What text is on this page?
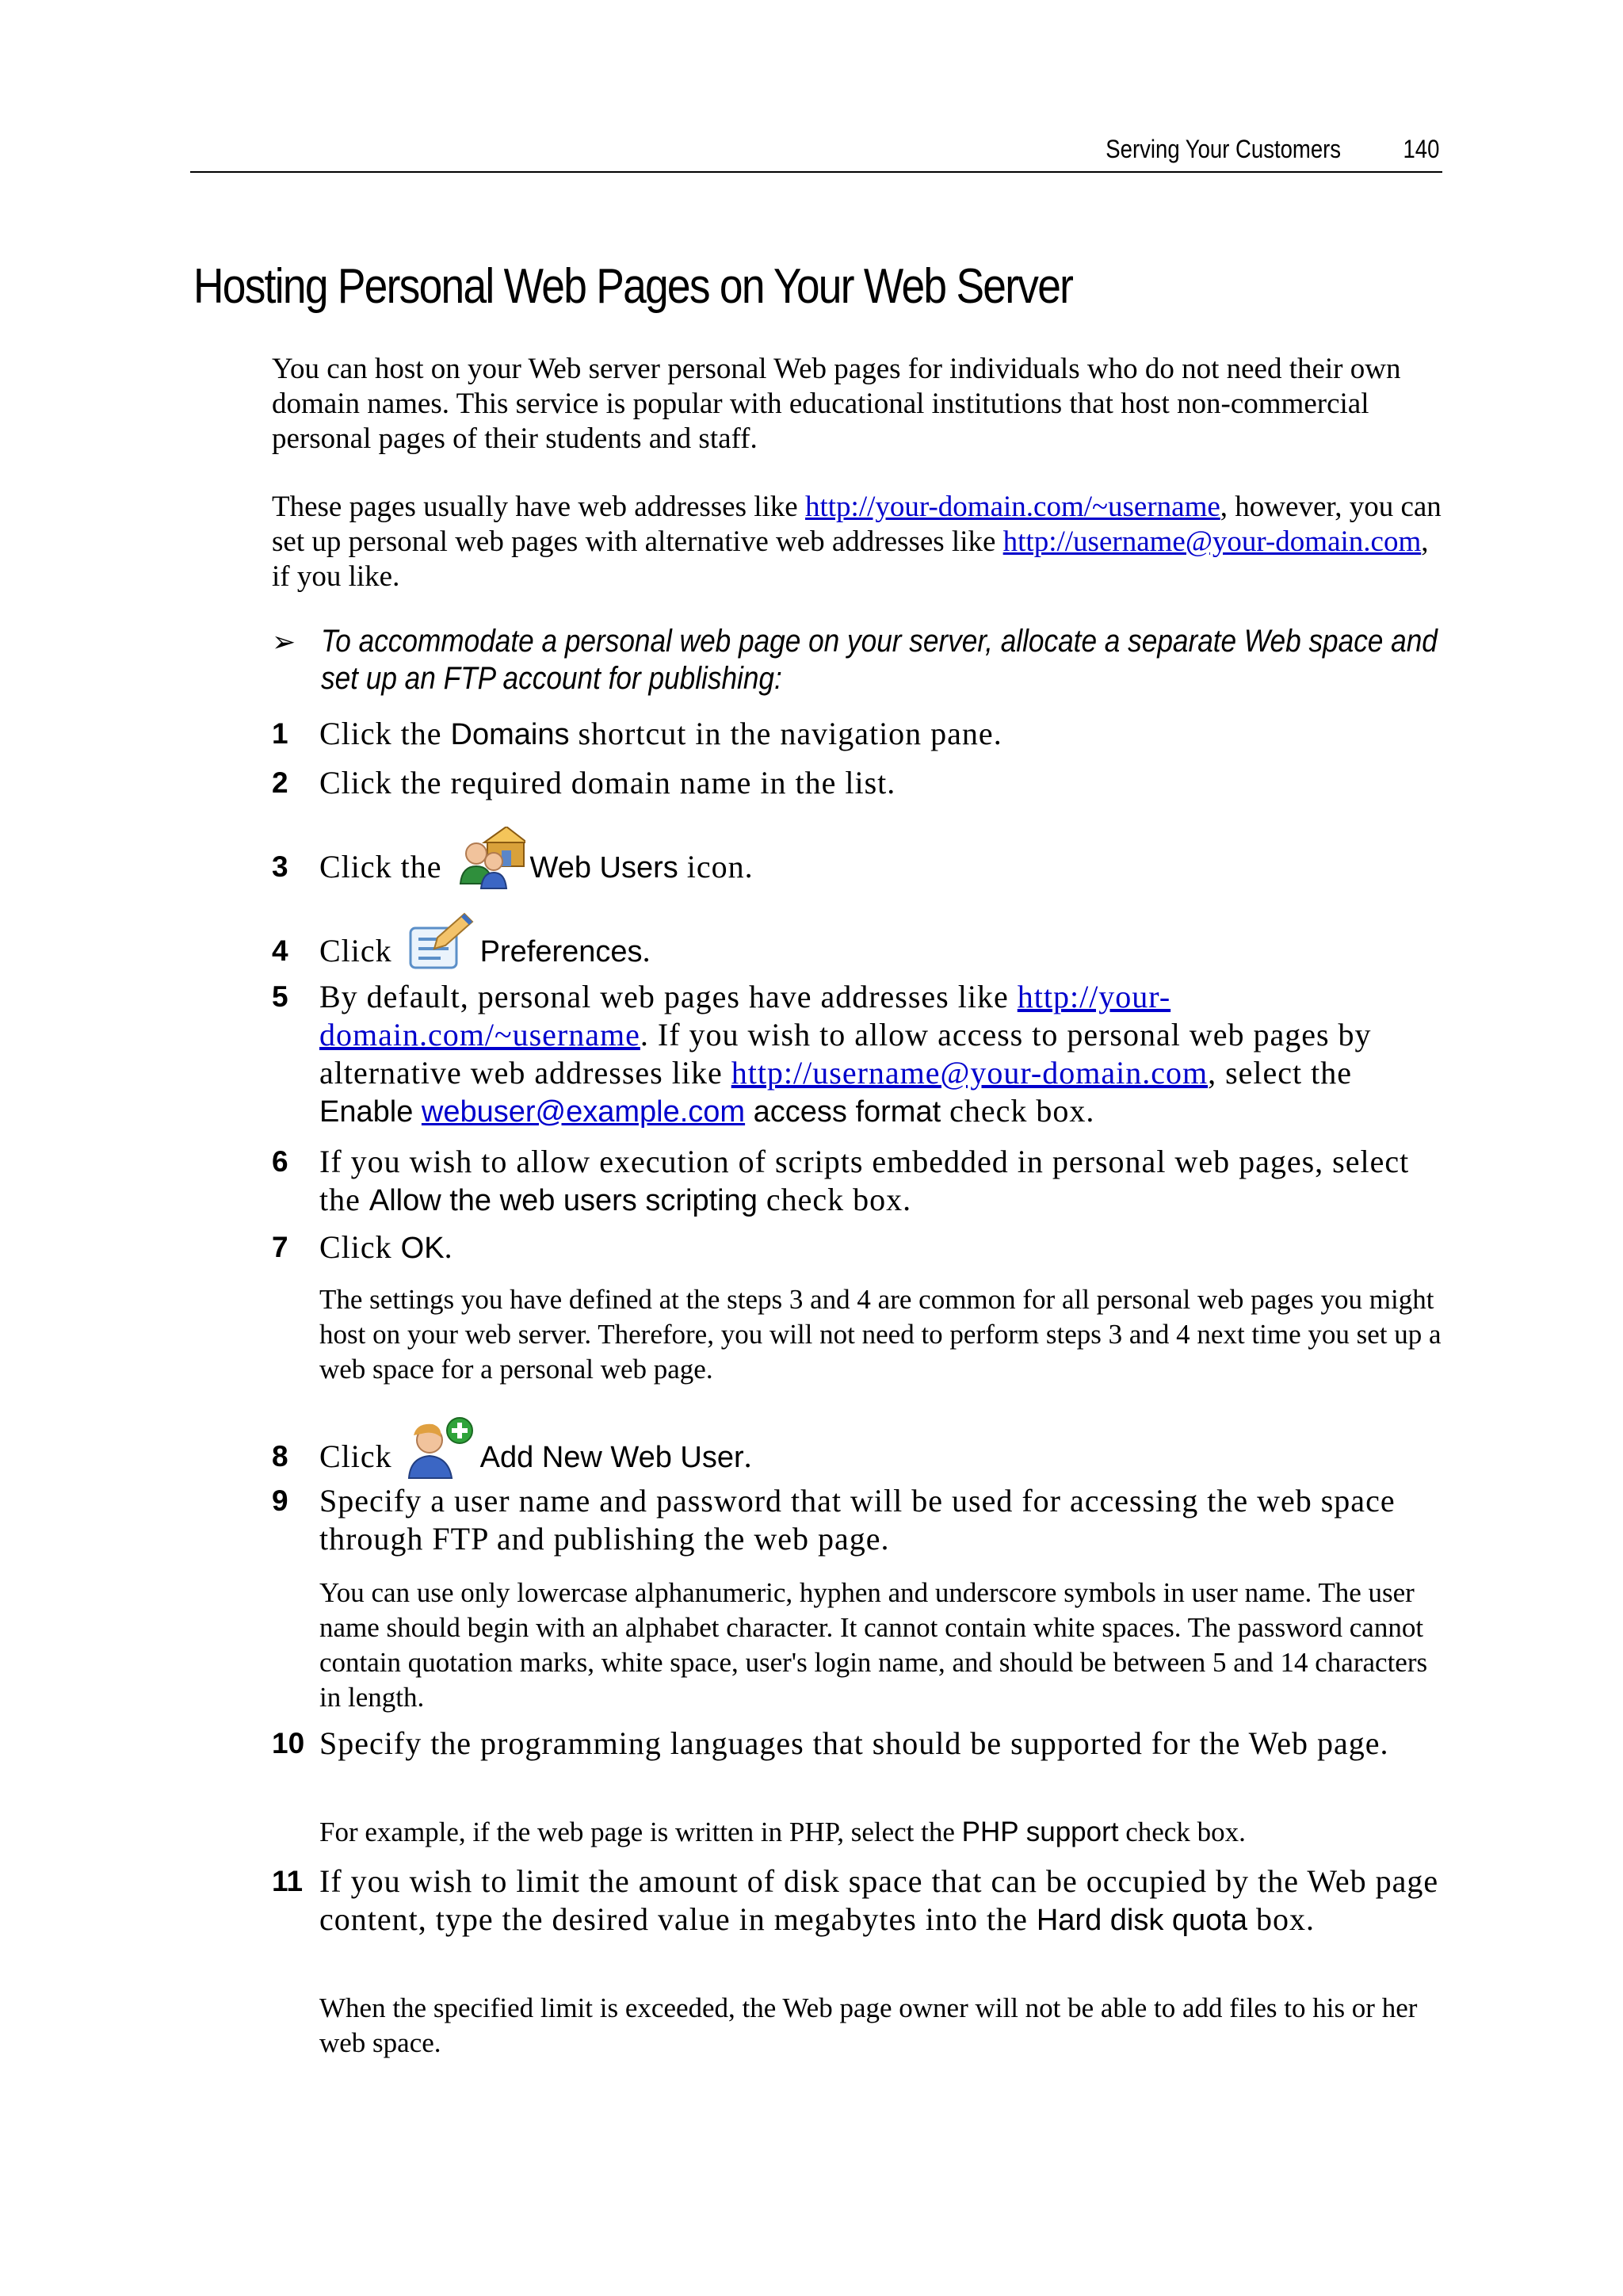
Serving Your Customers 140
Hosting Personal Web Pages on Your Web Server

You can host on your Web server personal Web pages for individuals who do not need their own domain names. This service is popular with educational institutions that host non-commercial personal pages of their students and staff.

These pages usually have web addresses like http://your-domain.com/~username, however, you can set up personal web pages with alternative web addresses like http://username@your-domain.com, if you like.

➢ To accommodate a personal web page on your server, allocate a separate Web space and set up an FTP account for publishing:
1 Click the Domains shortcut in the navigation pane.
2 Click the required domain name in the list.
3 Click the	Web Users icon.
4 Click	Preferences.
5 By default, personal web pages have addresses like http://your-domain.com/~username. If you wish to allow access to personal web pages by alternative web addresses like http://username@your-domain.com, select the Enable webuser@example.com access format check box.
6 If you wish to allow execution of scripts embedded in personal web pages, select the Allow the web users scripting check box.
7 Click OK.

The settings you have defined at the steps 3 and 4 are common for all personal web pages you might host on your web server. Therefore, you will not need to perform steps 3 and 4 next time you set up a web space for a personal web page.

8 Click	Add New Web User.
9 Specify a user name and password that will be used for accessing the web space through FTP and publishing the web page.

You can use only lowercase alphanumeric, hyphen and underscore symbols in user name. The user name should begin with an alphabet character. It cannot contain white spaces. The password cannot contain quotation marks, white space, user's login name, and should be between 5 and 14 characters in length.

10 Specify the programming languages that should be supported for the Web page.

For example, if the web page is written in PHP, select the PHP support check box.

11 If you wish to limit the amount of disk space that can be occupied by the Web page content, type the desired value in megabytes into the Hard disk quota box.

When the specified limit is exceeded, the Web page owner will not be able to add files to his or her web space.
